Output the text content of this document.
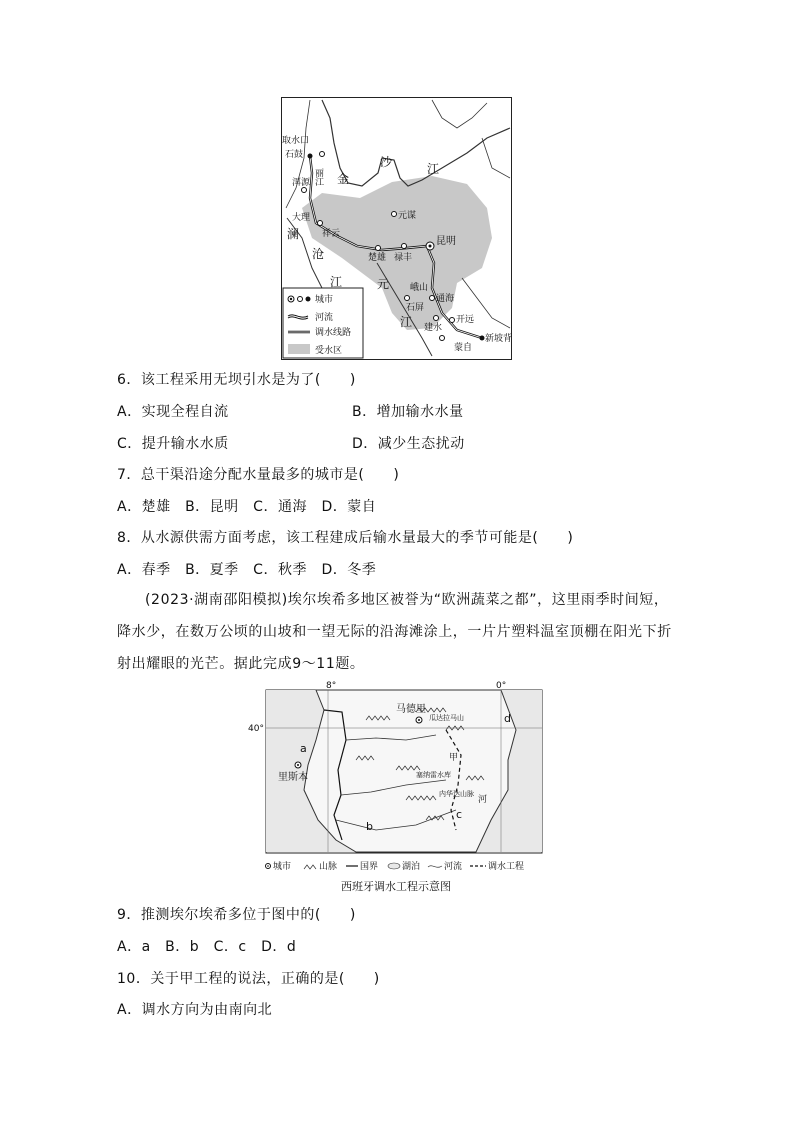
取水口
石鼓
丽江
洱源 金
沙	江
元谋
大理
祥云
昆明
澜
沧
江
楚雄 禄丰
元 峨山
通海
江
石屏
开远
建水
新坡背
蒙自
城市
河流
调水线路
受水区
6．该工程采用无坝引水是为了(　　)
A．实现全程自流	B．增加输水水量
C．提升输水水质	D．减少生态扰动
7．总干渠沿途分配水量最多的城市是(　　)
A．楚雄　B．昆明　C．通海　D．蒙自
8．从水源供需方面考虑，该工程建成后输水量最大的季节可能是(　　)
A．春季　B．夏季　C．秋季　D．冬季
(2023·湖南邵阳模拟)埃尔埃希多地区被誉为“欧洲蔬菜之都”，这里雨季时间短，降水少，在数万公顷的山坡和一望无际的沿海滩涂上，一片片塑料温室顶棚在阳光下折射出耀眼的光芒。据此完成9～11题。
8°	0°
40°
马德里
里斯本
瓜达拉马山
塞纳雷水库
内华达山脉
甲
河
a
b
c
d
城市	山脉	国界	湖泊	河流	调水工程
西班牙调水工程示意图
9．推测埃尔埃希多位于图中的(　　)
A．a　B．b　C．c　D．d
10．关于甲工程的说法，正确的是(　　)
A．调水方向为由南向北
